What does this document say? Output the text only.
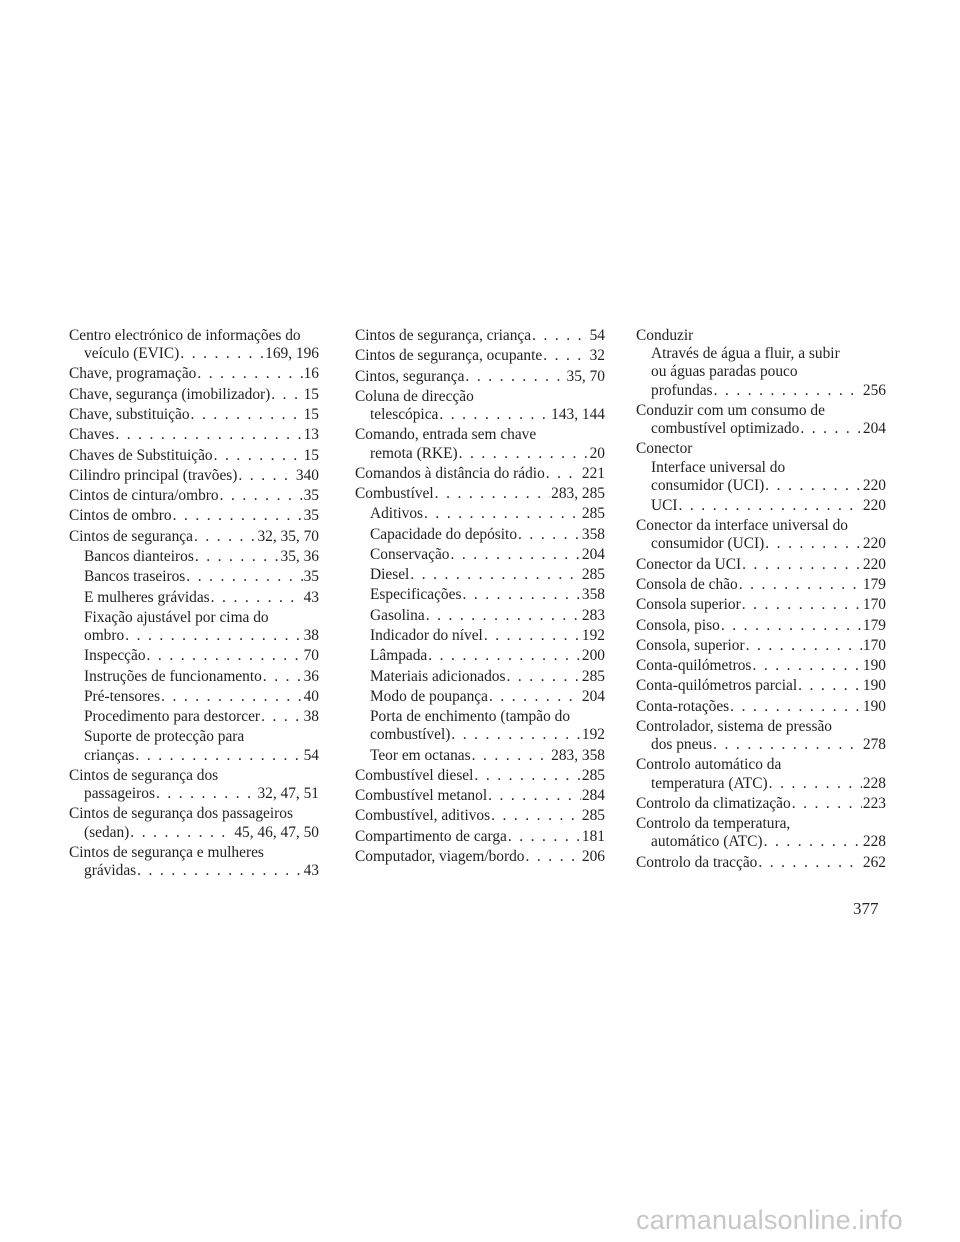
Centro electrónico de informações do
veículo (EVIC) . . .	169, 196
Chave, programação . . .	16
Chave, segurança (imobilizador) . . . 15
Chave, substituição . . .	15
Chaves . . .	13
Chaves de Substituição . . .	15
Cilindro principal (travões) . . .	340
Cintos de cintura/ombro . . .	35
Cintos de ombro . . .	35
Cintos de segurança . . .	32, 35, 70
Bancos dianteiros . . .	35, 36
Bancos traseiros . . .	35
E mulheres grávidas . . .	43
Fixação ajustável por cima do
ombro . . .	38
Inspecção . . .	70
Instruções de funcionamento . . .	36
Pré-tensores . . .	40
Procedimento para destorcer . . .	38
Suporte de protecção para
crianças . . .	54
Cintos de segurança dos
passageiros . . .	32, 47, 51
Cintos de segurança dos passageiros
(sedan) . . .	45, 46, 47, 50
Cintos de segurança e mulheres
grávidas . . .	43
Cintos de segurança, criança . . .	54
Cintos de segurança, ocupante . . .	32
Cintos, segurança . . .	35, 70
Coluna de direcção
telescópica . . .	143, 144
Comando, entrada sem chave
remota (RKE) . . .	20
Comandos à distância do rádio . . . 221
Combustível . . .	283, 285
Aditivos . . .	285
Capacidade do depósito . . .	358
Conservação . . .	204
Diesel . . .	285
Especificações . . .	358
Gasolina . . .	283
Indicador do nível . . .	192
Lâmpada . . .	200
Materiais adicionados . . .	285
Modo de poupança . . .	204
Porta de enchimento (tampão do
combustível) . . .	192
Teor em octanas . . .	283, 358
Combustível diesel . . .	285
Combustível metanol . . .	284
Combustível, aditivos . . .	285
Compartimento de carga . . .	181
Computador, viagem/bordo . . .	206
Conduzir
Através de água a fluir, a subir
ou águas paradas pouco
profundas . . .	256
Conduzir com um consumo de
combustível optimizado . . .	204
Conector
Interface universal do
consumidor (UCI) . . .	220
UCI . . .	220
Conector da interface universal do
consumidor (UCI) . . .	220
Conector da UCI . . .	220
Consola de chão . . .	179
Consola superior . . .	170
Consola, piso . . .	179
Consola, superior . . .	170
Conta-quilómetros . . .	190
Conta-quilómetros parcial . . .	190
Conta-rotações . . .	190
Controlador, sistema de pressão
dos pneus . . .	278
Controlo automático da
temperatura (ATC) . . .	228
Controlo da climatização . . .	223
Controlo da temperatura,
automático (ATC) . . .	228
Controlo da tracção . . .	262
377
carmanualsonline.info
